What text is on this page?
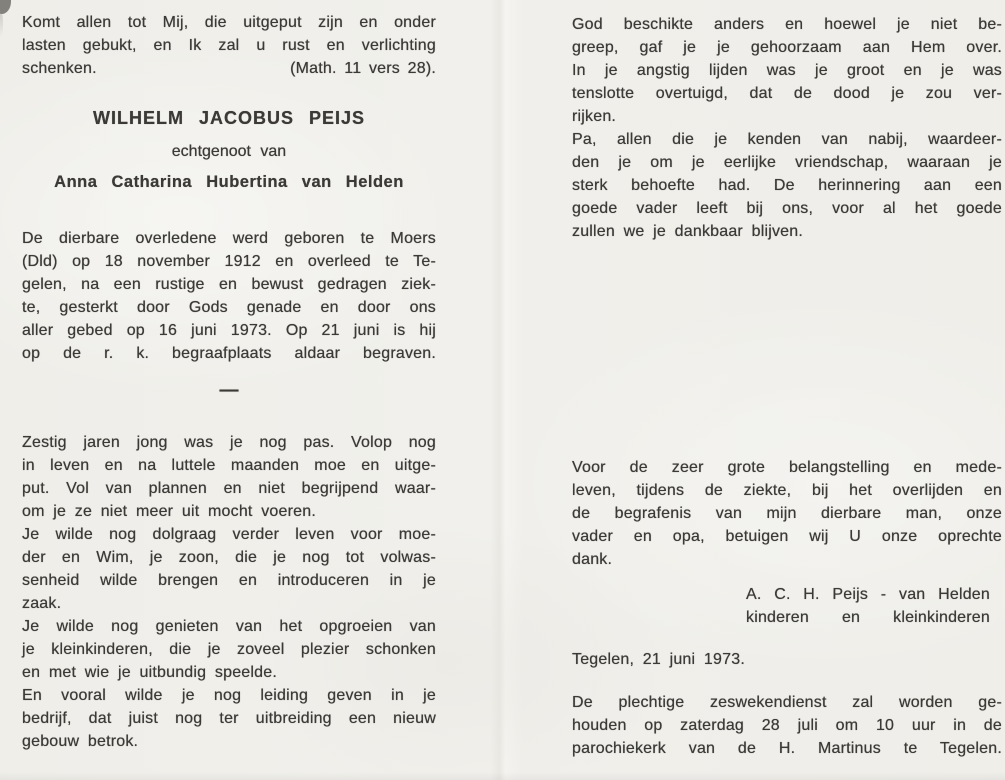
Komt allen tot Mij, die uitgeput zijn en onder
lasten gebukt, en Ik zal u rust en verlichting
schenken.	(Math. 11 vers 28).
WILHELM JACOBUS PEIJS
echtgenoot van
Anna Catharina Hubertina van Helden
De dierbare overledene werd geboren te Moers
(Dld) op 18 november 1912 en overleed te Te-
gelen, na een rustige en bewust gedragen ziek-
te, gesterkt door Gods genade en door ons
aller gebed op 16 juni 1973. Op 21 juni is hij
op de r. k. begraafplaats aldaar begraven.
—
Zestig jaren jong was je nog pas. Volop nog
in leven en na luttele maanden moe en uitge-
put. Vol van plannen en niet begrijpend waar-
om je ze niet meer uit mocht voeren.
Je wilde nog dolgraag verder leven voor moe-
der en Wim, je zoon, die je nog tot volwas-
senheid wilde brengen en introduceren in je
zaak.
Je wilde nog genieten van het opgroeien van
je kleinkinderen, die je zoveel plezier schonken
en met wie je uitbundig speelde.
En vooral wilde je nog leiding geven in je
bedrijf, dat juist nog ter uitbreiding een nieuw
gebouw betrok.
God beschikte anders en hoewel je niet be-
greep, gaf je je gehoorzaam aan Hem over.
In je angstig lijden was je groot en je was
tenslotte overtuigd, dat de dood je zou ver-
rijken.
Pa, allen die je kenden van nabij, waardeer-
den je om je eerlijke vriendschap, waaraan je
sterk behoefte had. De herinnering aan een
goede vader leeft bij ons, voor al het goede
zullen we je dankbaar blijven.
Voor de zeer grote belangstelling en mede-
leven, tijdens de ziekte, bij het overlijden en
de begrafenis van mijn dierbare man, onze
vader en opa, betuigen wij U onze oprechte
dank.
A. C. H. Peijs - van Helden
kinderen en kleinkinderen
Tegelen, 21 juni 1973.
De plechtige zeswekendienst zal worden ge-
houden op zaterdag 28 juli om 10 uur in de
parochiekerk van de H. Martinus te Tegelen.
